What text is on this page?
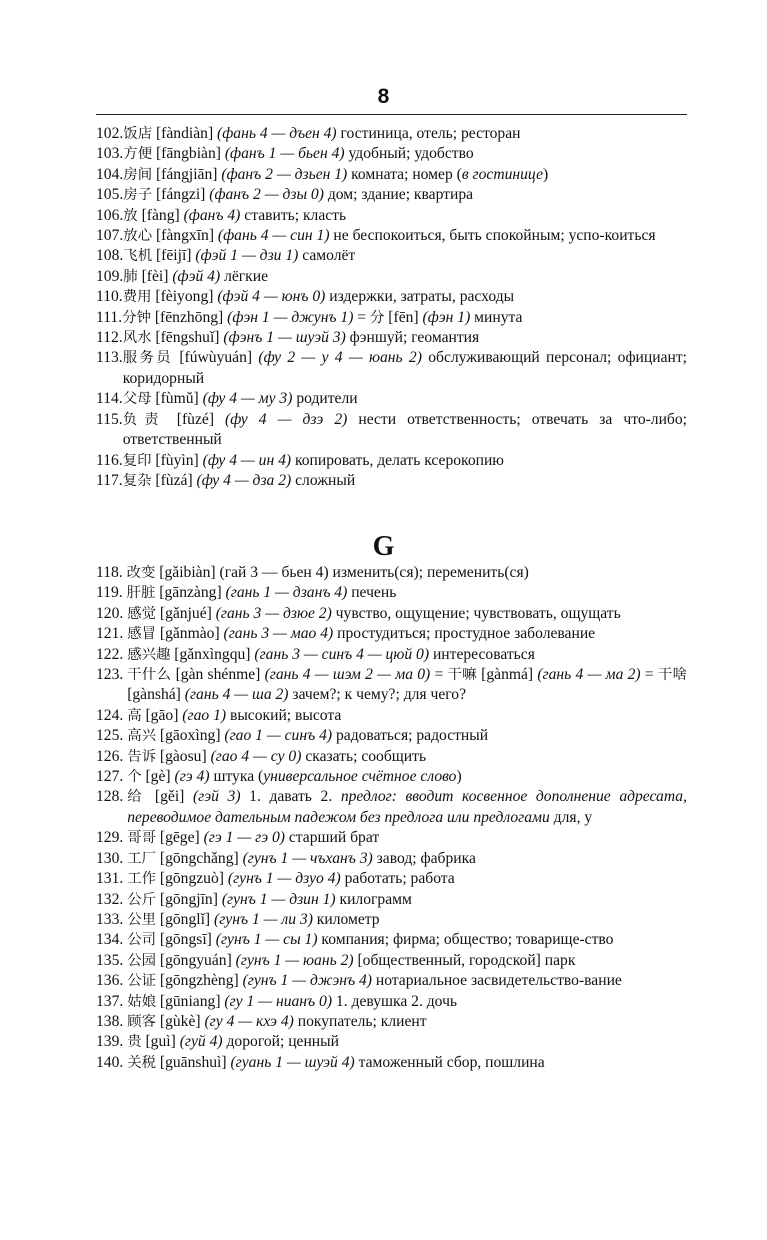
8
102. 饭店 [fàndiàn] (фань 4 — дъен 4) гостиница, отель; ресторан
103. 方便 [fāngbiàn] (фанъ 1 — бьен 4) удобный; удобство
104. 房间 [fángjiān] (фанъ 2 — дзьен 1) комната; номер (в гостинице)
105. 房子 [fángzi] (фанъ 2 — дзы 0) дом; здание; квартира
106. 放 [fàng] (фанъ 4) ставить; класть
107. 放心 [fàngxīn] (фань 4 — син 1) не беспокоиться, быть спокойным; успо-коиться
108. 飞机 [fēijī] (фэй 1 — дзи 1) самолёт
109. 肺 [fèi] (фэй 4) лёгкие
110. 费用 [fèiyong] (фэй 4 — юнъ 0) издержки, затраты, расходы
111. 分钟 [fēnzhōng] (фэн 1 — джунъ 1) = 分 [fēn] (фэн 1) минута
112. 风水 [fēngshuǐ] (фэнъ 1 — шуэй 3) фэншуй; геомантия
113. 服务员 [fúwùyuán] (фу 2 — у 4 — юань 2) обслуживающий персонал; официант; коридорный
114. 父母 [fùmǔ] (фу 4 — му 3) родители
115. 负责 [fùzé] (фу 4 — дзэ 2) нести ответственность; отвечать за что-либо; ответственный
116. 复印 [fùyìn] (фу 4 — ин 4) копировать, делать ксерокопию
117. 复杂 [fùzá] (фу 4 — дза 2) сложный
G
118. 改变 [gǎibiàn] (гай 3 — бьен 4) изменить(ся); переменить(ся)
119. 肝脏 [gānzàng] (гань 1 — дзанъ 4) печень
120. 感觉 [gǎnjué] (гань 3 — дзюе 2) чувство, ощущение; чувствовать, ощущать
121. 感冒 [gǎnmào] (гань 3 — мао 4) простудиться; простудное заболевание
122. 感兴趣 [gǎnxìngqu] (гань 3 — синъ 4 — цюй 0) интересоваться
123. 干什么 [gàn shénme] (гань 4 — шэм 2 — ма 0) = 干嘛 [gànmá] (гань 4 — ма 2) = 干啥 [gànshá] (гань 4 — ша 2) зачем?; к чему?; для чего?
124. 高 [gāo] (гао 1) высокий; высота
125. 高兴 [gāoxìng] (гао 1 — синъ 4) радоваться; радостный
126. 告诉 [gàosu] (гао 4 — су 0) сказать; сообщить
127. 个 [gè] (гэ 4) штука (универсальное счётное слово)
128. 给 [gěi] (гэй 3) 1. давать 2. предлог: вводит косвенное дополнение адресата, переводимое дательным падежом без предлога или предлогами для, у
129. 哥哥 [gēge] (гэ 1 — гэ 0) старший брат
130. 工厂 [gōngchǎng] (гунъ 1 — чъханъ 3) завод; фабрика
131. 工作 [gōngzuò] (гунъ 1 — дзуо 4) работать; работа
132. 公斤 [gōngjīn] (гунъ 1 — дзин 1) килограмм
133. 公里 [gōnglǐ] (гунъ 1 — ли 3) километр
134. 公司 [gōngsī] (гунъ 1 — сы 1) компания; фирма; общество; товарище-ство
135. 公园 [gōngyuán] (гунъ 1 — юань 2) [общественный, городской] парк
136. 公证 [gōngzhèng] (гунъ 1 — джэнъ 4) нотариальное засвидетельство-вание
137. 姑娘 [gūniang] (гу 1 — нианъ 0) 1. девушка 2. дочь
138. 顾客 [gùkè] (гу 4 — кхэ 4) покупатель; клиент
139. 贵 [guì] (гуй 4) дорогой; ценный
140. 关税 [guānshuì] (гуань 1 — шуэй 4) таможенный сбор, пошлина
